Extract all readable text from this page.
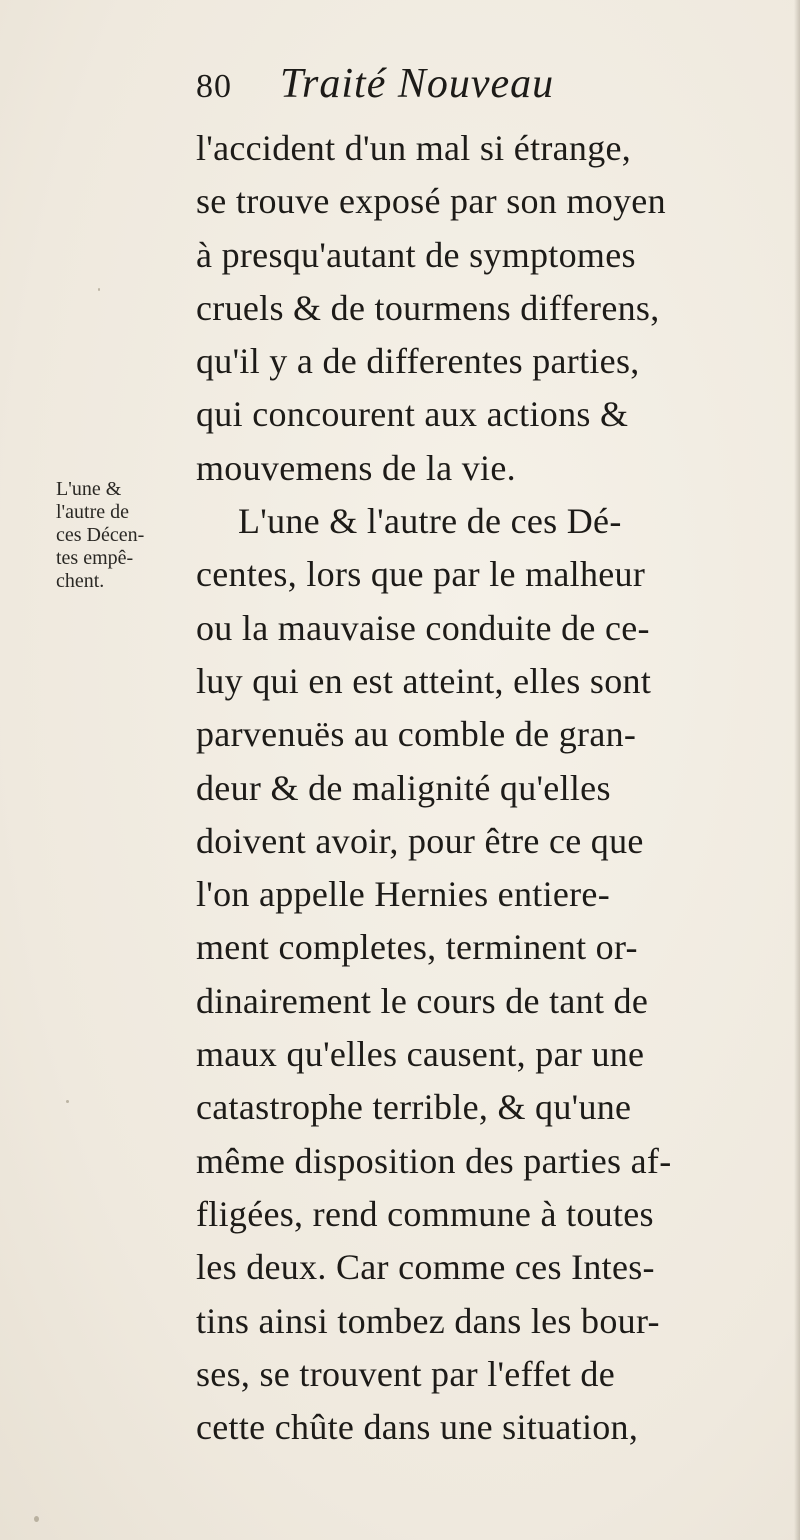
80 Traité Nouveau
L'une &
l'autre de
ces Décen-
tes empê-
chent.
l'accident d'un mal si étrange,
se trouve exposé par son moyen
à presqu'autant de symptomes
cruels & de tourmens differens,
qu'il y a de differentes parties,
qui concourent aux actions &
mouvemens de la vie.
L'une & l'autre de ces Dé-
centes, lors que par le malheur
ou la mauvaise conduite de ce-
luy qui en est atteint, elles sont
parvenuës au comble de gran-
deur & de malignité qu'elles
doivent avoir, pour être ce que
l'on appelle Hernies entiere-
ment completes, terminent or-
dinairement le cours de tant de
maux qu'elles causent, par une
catastrophe terrible, & qu'une
même disposition des parties af-
fligées, rend commune à toutes
les deux. Car comme ces Intes-
tins ainsi tombez dans les bour-
ses, se trouvent par l'effet de
cette chûte dans une situation,
